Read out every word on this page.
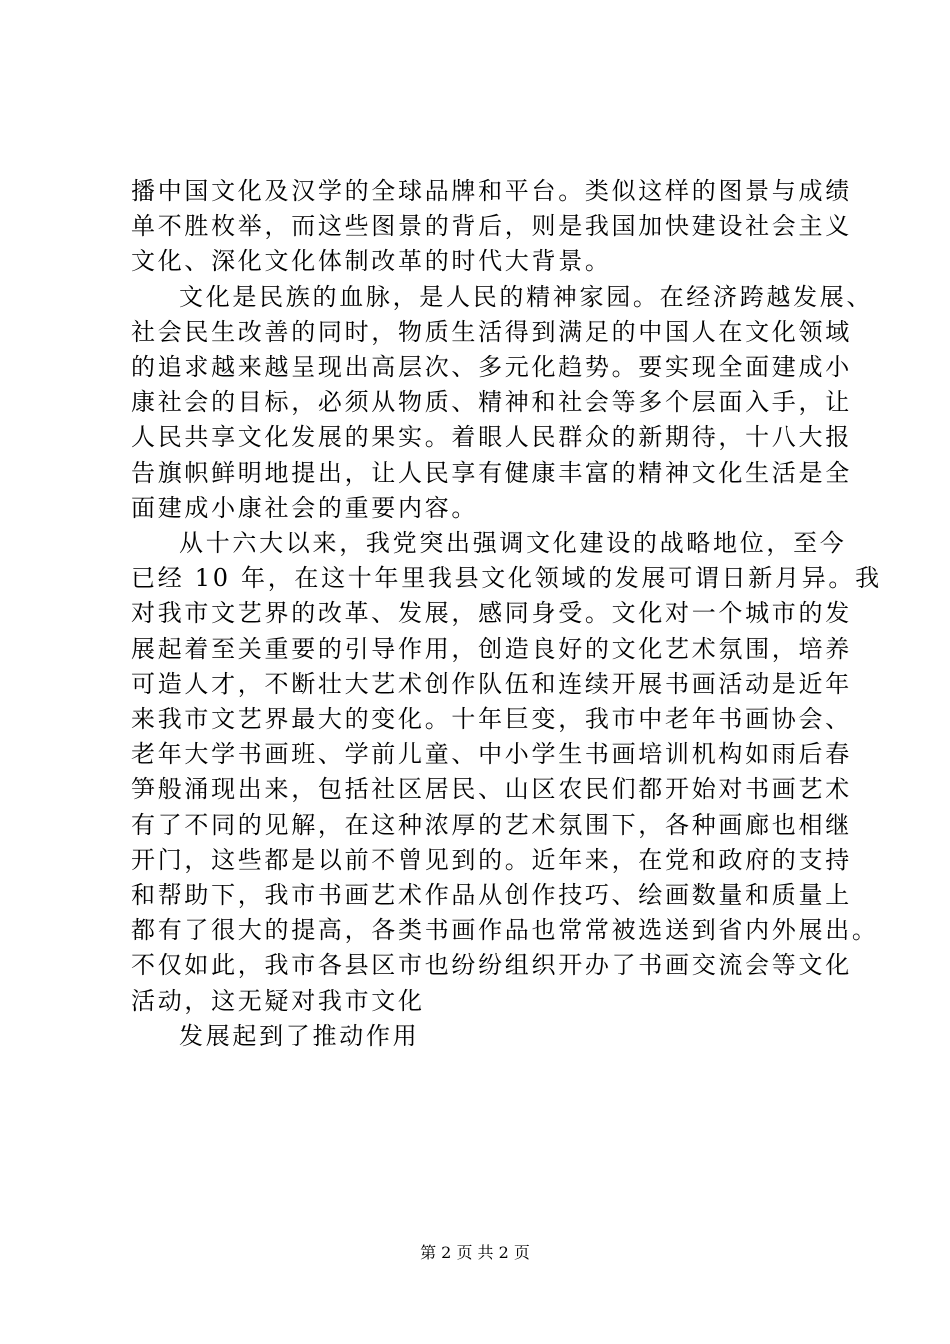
播中国文化及汉学的全球品牌和平台。类似这样的图景与成绩
单不胜枚举，而这些图景的背后，则是我国加快建设社会主义
文化、深化文化体制改革的时代大背景。
文化是民族的血脉，是人民的精神家园。在经济跨越发展、
社会民生改善的同时，物质生活得到满足的中国人在文化领域
的追求越来越呈现出高层次、多元化趋势。要实现全面建成小
康社会的目标，必须从物质、精神和社会等多个层面入手，让
人民共享文化发展的果实。着眼人民群众的新期待，十八大报
告旗帜鲜明地提出，让人民享有健康丰富的精神文化生活是全
面建成小康社会的重要内容。
从十六大以来，我党突出强调文化建设的战略地位，至今
已经 10 年，在这十年里我县文化领域的发展可谓日新月异。我
对我市文艺界的改革、发展，感同身受。文化对一个城市的发
展起着至关重要的引导作用，创造良好的文化艺术氛围，培养
可造人才，不断壮大艺术创作队伍和连续开展书画活动是近年
来我市文艺界最大的变化。十年巨变，我市中老年书画协会、
老年大学书画班、学前儿童、中小学生书画培训机构如雨后春
笋般涌现出来，包括社区居民、山区农民们都开始对书画艺术
有了不同的见解，在这种浓厚的艺术氛围下，各种画廊也相继
开门，这些都是以前不曾见到的。近年来，在党和政府的支持
和帮助下，我市书画艺术作品从创作技巧、绘画数量和质量上
都有了很大的提高，各类书画作品也常常被选送到省内外展出。
不仅如此，我市各县区市也纷纷组织开办了书画交流会等文化
活动，这无疑对我市文化
发展起到了推动作用
第 2 页 共 2 页
